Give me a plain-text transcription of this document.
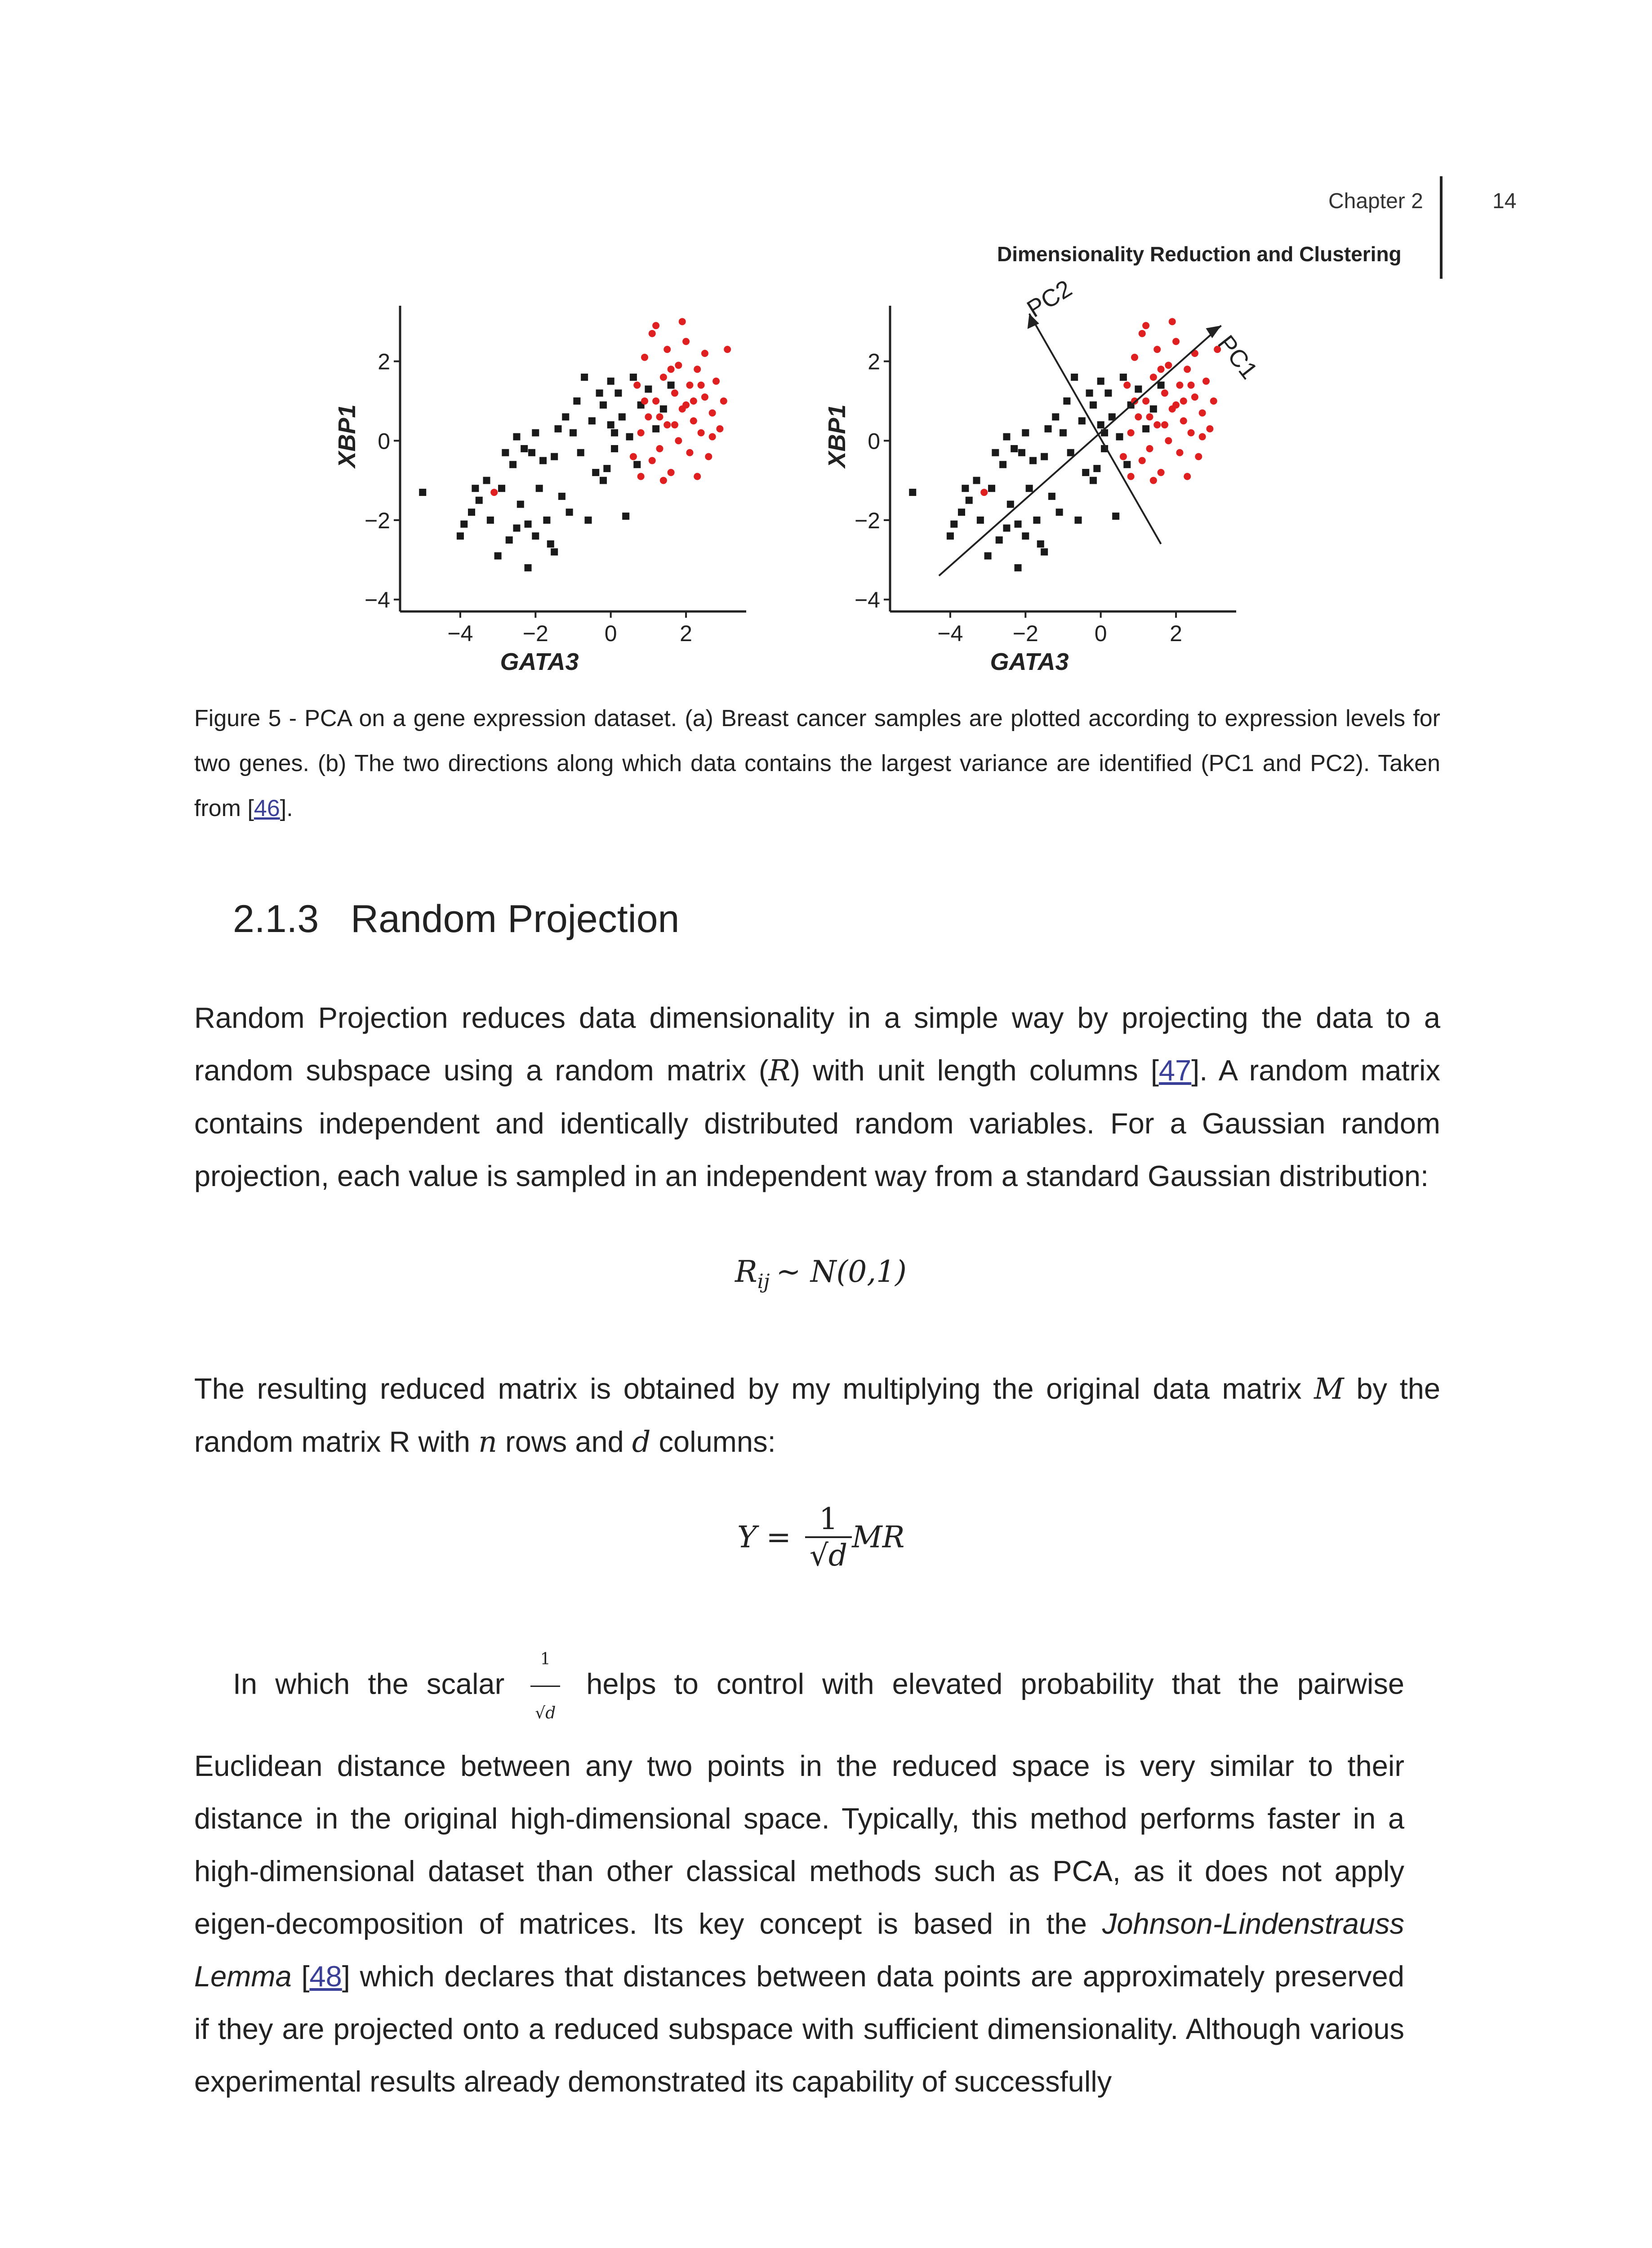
Chapter 2	14
Dimensionality Reduction and Clustering
−4
−2
0
2
−4 −2 0	2
GATA3
XBP1
−4
−2
0
2
−4 −2 0	2
GATA3
XBP1
PC1
PC2
Figure 5 - PCA on a gene expression dataset. (a) Breast cancer samples are plotted according to expression levels for two genes. (b) The two directions along which data contains the largest variance are identified (PC1 and PC2). Taken from [46].
2.1.3 Random Projection
Random Projection reduces data dimensionality in a simple way by projecting the data to a random subspace using a random matrix (R) with unit length columns [47]. A random matrix contains independent and identically distributed random variables. For a Gaussian random projection, each value is sampled in an independent way from a standard Gaussian distribution:
$R_{ij}$ ~ N(0,1)
The resulting reduced matrix is obtained by my multiplying the original data matrix M by the random matrix R with n rows and d columns:
$Y = \frac{1}{√d}$ MR
In which the scalar $\frac{1}{√d}$ helps to control with elevated probability that the pairwise Euclidean distance between any two points in the reduced space is very similar to their distance in the original high-dimensional space. Typically, this method performs faster in a high-dimensional dataset than other classical methods such as PCA, as it does not apply eigen-decomposition of matrices. Its key concept is based in the Johnson-Lindenstrauss Lemma [48] which declares that distances between data points are approximately preserved if they are projected onto a reduced subspace with sufficient dimensionality. Although various experimental results already demonstrated its capability of successfully
